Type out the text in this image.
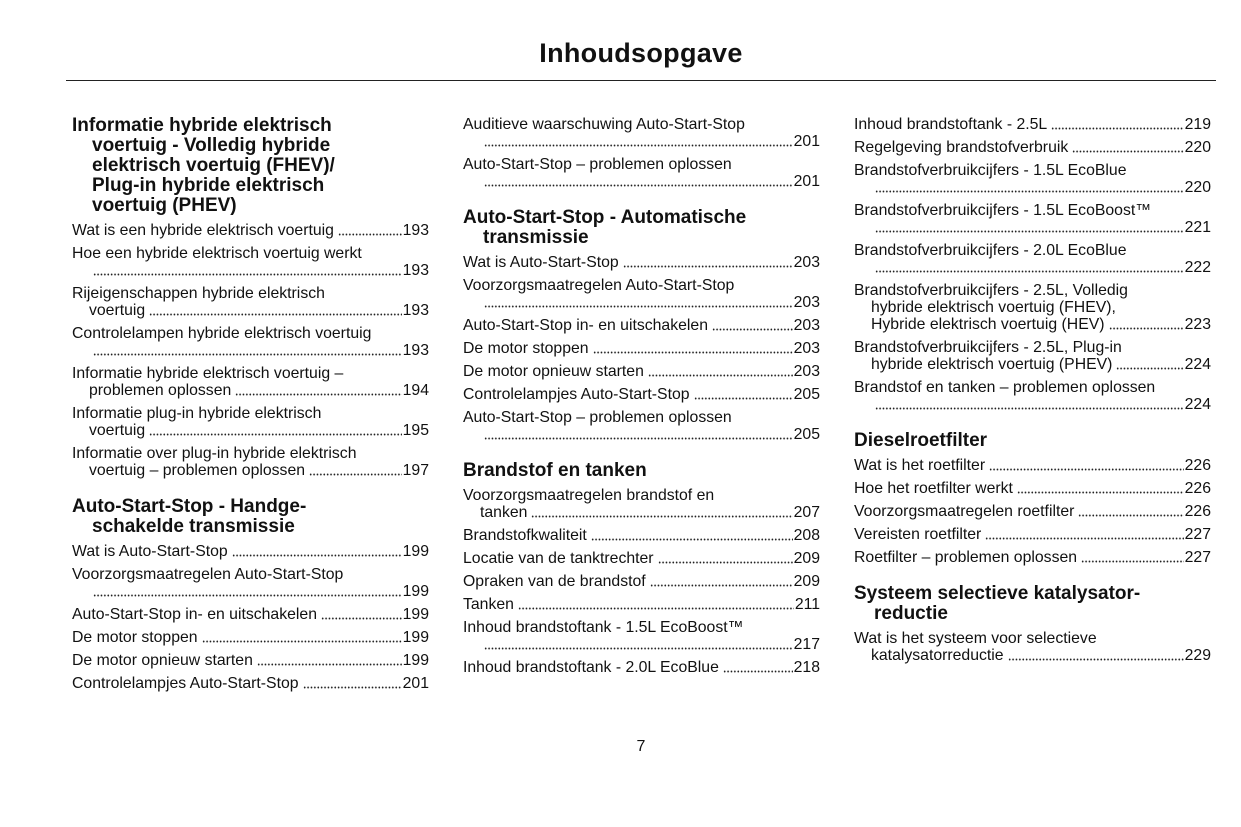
Inhoudsopgave
Informatie hybride elektrisch
voertuig - Volledig hybride
elektrisch voertuig (FHEV)/
Plug-in hybride elektrisch
voertuig (PHEV)
Wat is een hybride elektrisch voertuig	193
Hoe een hybride elektrisch voertuig werkt
193
Rijeigenschappen hybride elektrisch
voertuig	193
Controlelampen hybride elektrisch voertuig
193
Informatie hybride elektrisch voertuig –
problemen oplossen	194
Informatie plug-in hybride elektrisch
voertuig	195
Informatie over plug-in hybride elektrisch
voertuig – problemen oplossen	197
Auto-Start-Stop - Handge-
schakelde transmissie
Wat is Auto-Start-Stop	199
Voorzorgsmaatregelen Auto-Start-Stop
199
Auto-Start-Stop in- en uitschakelen	199
De motor stoppen	199
De motor opnieuw starten	199
Controlelampjes Auto-Start-Stop	201
Auditieve waarschuwing Auto-Start-Stop
201
Auto-Start-Stop – problemen oplossen
201
Auto-Start-Stop - Automatische
transmissie
Wat is Auto-Start-Stop	203
Voorzorgsmaatregelen Auto-Start-Stop
203
Auto-Start-Stop in- en uitschakelen	203
De motor stoppen	203
De motor opnieuw starten	203
Controlelampjes Auto-Start-Stop	205
Auto-Start-Stop – problemen oplossen
205
Brandstof en tanken
Voorzorgsmaatregelen brandstof en
tanken	207
Brandstofkwaliteit	208
Locatie van de tanktrechter	209
Opraken van de brandstof	209
Tanken	211
Inhoud brandstoftank - 1.5L EcoBoost™
217
Inhoud brandstoftank - 2.0L EcoBlue	218
Inhoud brandstoftank - 2.5L	219
Regelgeving brandstofverbruik	220
Brandstofverbruikcijfers - 1.5L EcoBlue
220
Brandstofverbruikcijfers - 1.5L EcoBoost™
221
Brandstofverbruikcijfers - 2.0L EcoBlue
222
Brandstofverbruikcijfers - 2.5L, Volledig
hybride elektrisch voertuig (FHEV),
Hybride elektrisch voertuig (HEV)	223
Brandstofverbruikcijfers - 2.5L, Plug-in
hybride elektrisch voertuig (PHEV)	224
Brandstof en tanken – problemen oplossen
224
Dieselroetfilter
Wat is het roetfilter	226
Hoe het roetfilter werkt	226
Voorzorgsmaatregelen roetfilter	226
Vereisten roetfilter	227
Roetfilter – problemen oplossen	227
Systeem selectieve katalysator-
reductie
Wat is het systeem voor selectieve
katalysatorreductie	229
7
